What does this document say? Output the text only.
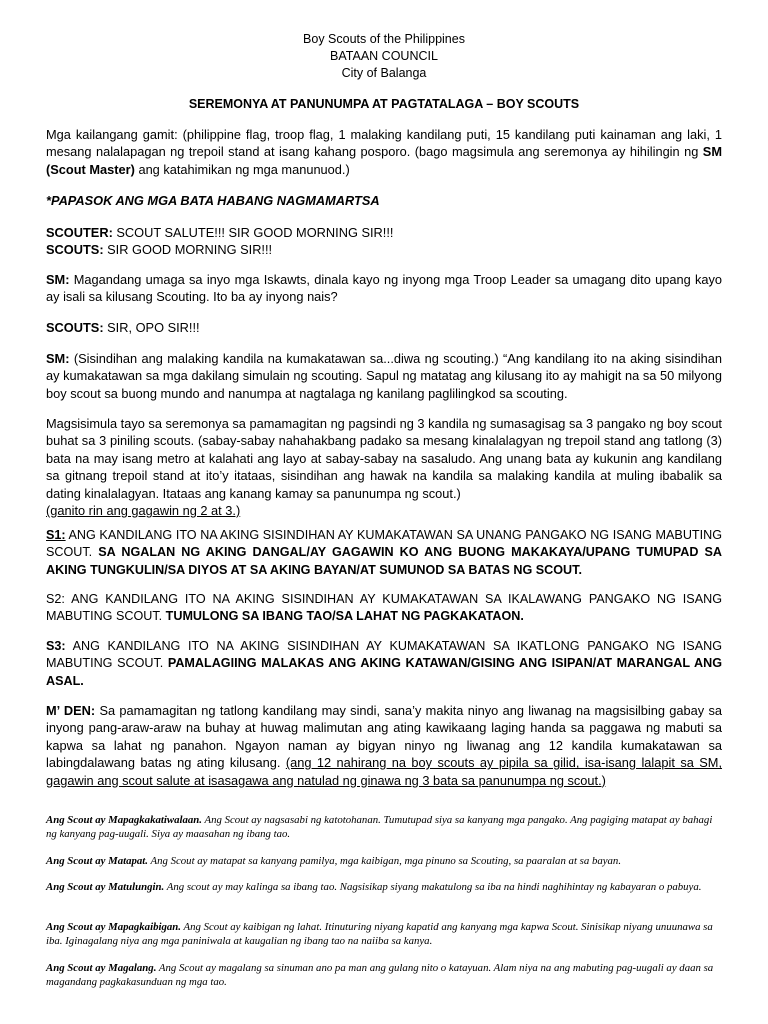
Boy Scouts of the Philippines
BATAAN COUNCIL
City of Balanga
SEREMONYA AT PANUNUMPA AT PAGTATALAGA – BOY SCOUTS

Mga kailangang gamit: (philippine flag, troop flag, 1 malaking kandilang puti, 15 kandilang puti kainaman ang laki, 1 mesang nalalapagan ng trepoil stand at isang kahang posporo. (bago magsimula ang seremonya ay hihilingin ng SM (Scout Master) ang katahimikan ng mga manunuod.)

*PAPASOK ANG MGA BATA HABANG NAGMAMARTSA

SCOUTER: SCOUT SALUTE!!! SIR GOOD MORNING SIR!!!
SCOUTS: SIR GOOD MORNING SIR!!!

SM: Magandang umaga sa inyo mga Iskawts, dinala kayo ng inyong mga Troop Leader sa umagang dito upang kayo ay isali sa kilusang Scouting. Ito ba ay inyong nais?

SCOUTS: SIR, OPO SIR!!!

SM: (Sisindihan ang malaking kandila na kumakatawan sa...diwa ng scouting.) “Ang kandilang ito na aking sisindihan ay kumakatawan sa mga dakilang simulain ng scouting. Sapul ng matatag ang kilusang ito ay mahigit na sa 50 milyong boy scout sa buong mundo and nanumpa at nagtalaga ng kanilang paglilingkod sa scouting.

Magsisimula tayo sa seremonya sa pamamagitan ng pagsindi ng 3 kandila ng sumasagisag sa 3 pangako ng boy scout buhat sa 3 piniling scouts. (sabay-sabay nahahakbang padako sa mesang kinalalagyan ng trepoil stand ang tatlong (3) bata na may isang metro at kalahati ang layo at sabay-sabay na sasaludo. Ang unang bata ay kukunin ang kandilang sa gitnang trepoil stand at ito’y itataas, sisindihan ang hawak na kandila sa malaking kandila at muling ibabalik sa dating kinalalagyan. Itataas ang kanang kamay sa panunumpa ng scout.)
(ganito rin ang gagawin ng 2 at 3.)

S1: ANG KANDILANG ITO NA AKING SISINDIHAN AY KUMAKATAWAN SA UNANG PANGAKO NG ISANG MABUTING SCOUT. SA NGALAN NG AKING DANGAL/AY GAGAWIN KO ANG BUONG MAKAKAYA/UPANG TUMUPAD SA AKING TUNGKULIN/SA DIYOS AT SA AKING BAYAN/AT SUMUNOD SA BATAS NG SCOUT.

S2: ANG KANDILANG ITO NA AKING SISINDIHAN AY KUMAKATAWAN SA IKALAWANG PANGAKO NG ISANG MABUTING SCOUT. TUMULONG SA IBANG TAO/SA LAHAT NG PAGKAKATAON.

S3: ANG KANDILANG ITO NA AKING SISINDIHAN AY KUMAKATAWAN SA IKATLONG PANGAKO NG ISANG MABUTING SCOUT. PAMALAGIING MALAKAS ANG AKING KATAWAN/GISING ANG ISIPAN/AT MARANGAL ANG ASAL.

M’ DEN: Sa pamamagitan ng tatlong kandilang may sindi, sana’y makita ninyo ang liwanag na magsisilbing gabay sa inyong pang-araw-araw na buhay at huwag malimutan ang ating kawikaang laging handa sa paggawa ng mabuti sa kapwa sa lahat ng panahon. Ngayon naman ay bigyan ninyo ng liwanag ang 12 kandila kumakatawan sa labingdalawang batas ng ating kilusang. (ang 12 nahirang na boy scouts ay pipila sa gilid, isa-isang lalapit sa SM, gagawin ang scout salute at isasagawa ang natulad ng ginawa ng 3 bata sa panunumpa ng scout.)

Ang Scout ay Mapagkakatiwalaan. Ang Scout ay nagsasabi ng katotohanan. Tumutupad siya sa kanyang mga pangako. Ang pagiging matapat ay bahagi ng kanyang pag-uugali. Siya ay maasahan ng ibang tao.

Ang Scout ay Matapat. Ang Scout ay matapat sa kanyang pamilya, mga kaibigan, mga pinuno sa Scouting, sa paaralan at sa bayan.

Ang Scout ay Matulungin. Ang scout ay may kalinga sa ibang tao. Nagsisikap siyang makatulong sa iba na hindi naghihintay ng kabayaran o pabuya.

Ang Scout ay Mapagkaibigan. Ang Scout ay kaibigan ng lahat. Itinuturing niyang kapatid ang kanyang mga kapwa Scout. Sinisikap niyang unuunawa sa iba. Iginagalang niya ang mga paniniwala at kaugalian ng ibang tao na naiiba sa kanya.

Ang Scout ay Magalang. Ang Scout ay magalang sa sinuman ano pa man ang gulang nito o katayuan. Alam niya na ang mabuting pag-uugali ay daan sa magandang pagkakasunduan ng mga tao.
